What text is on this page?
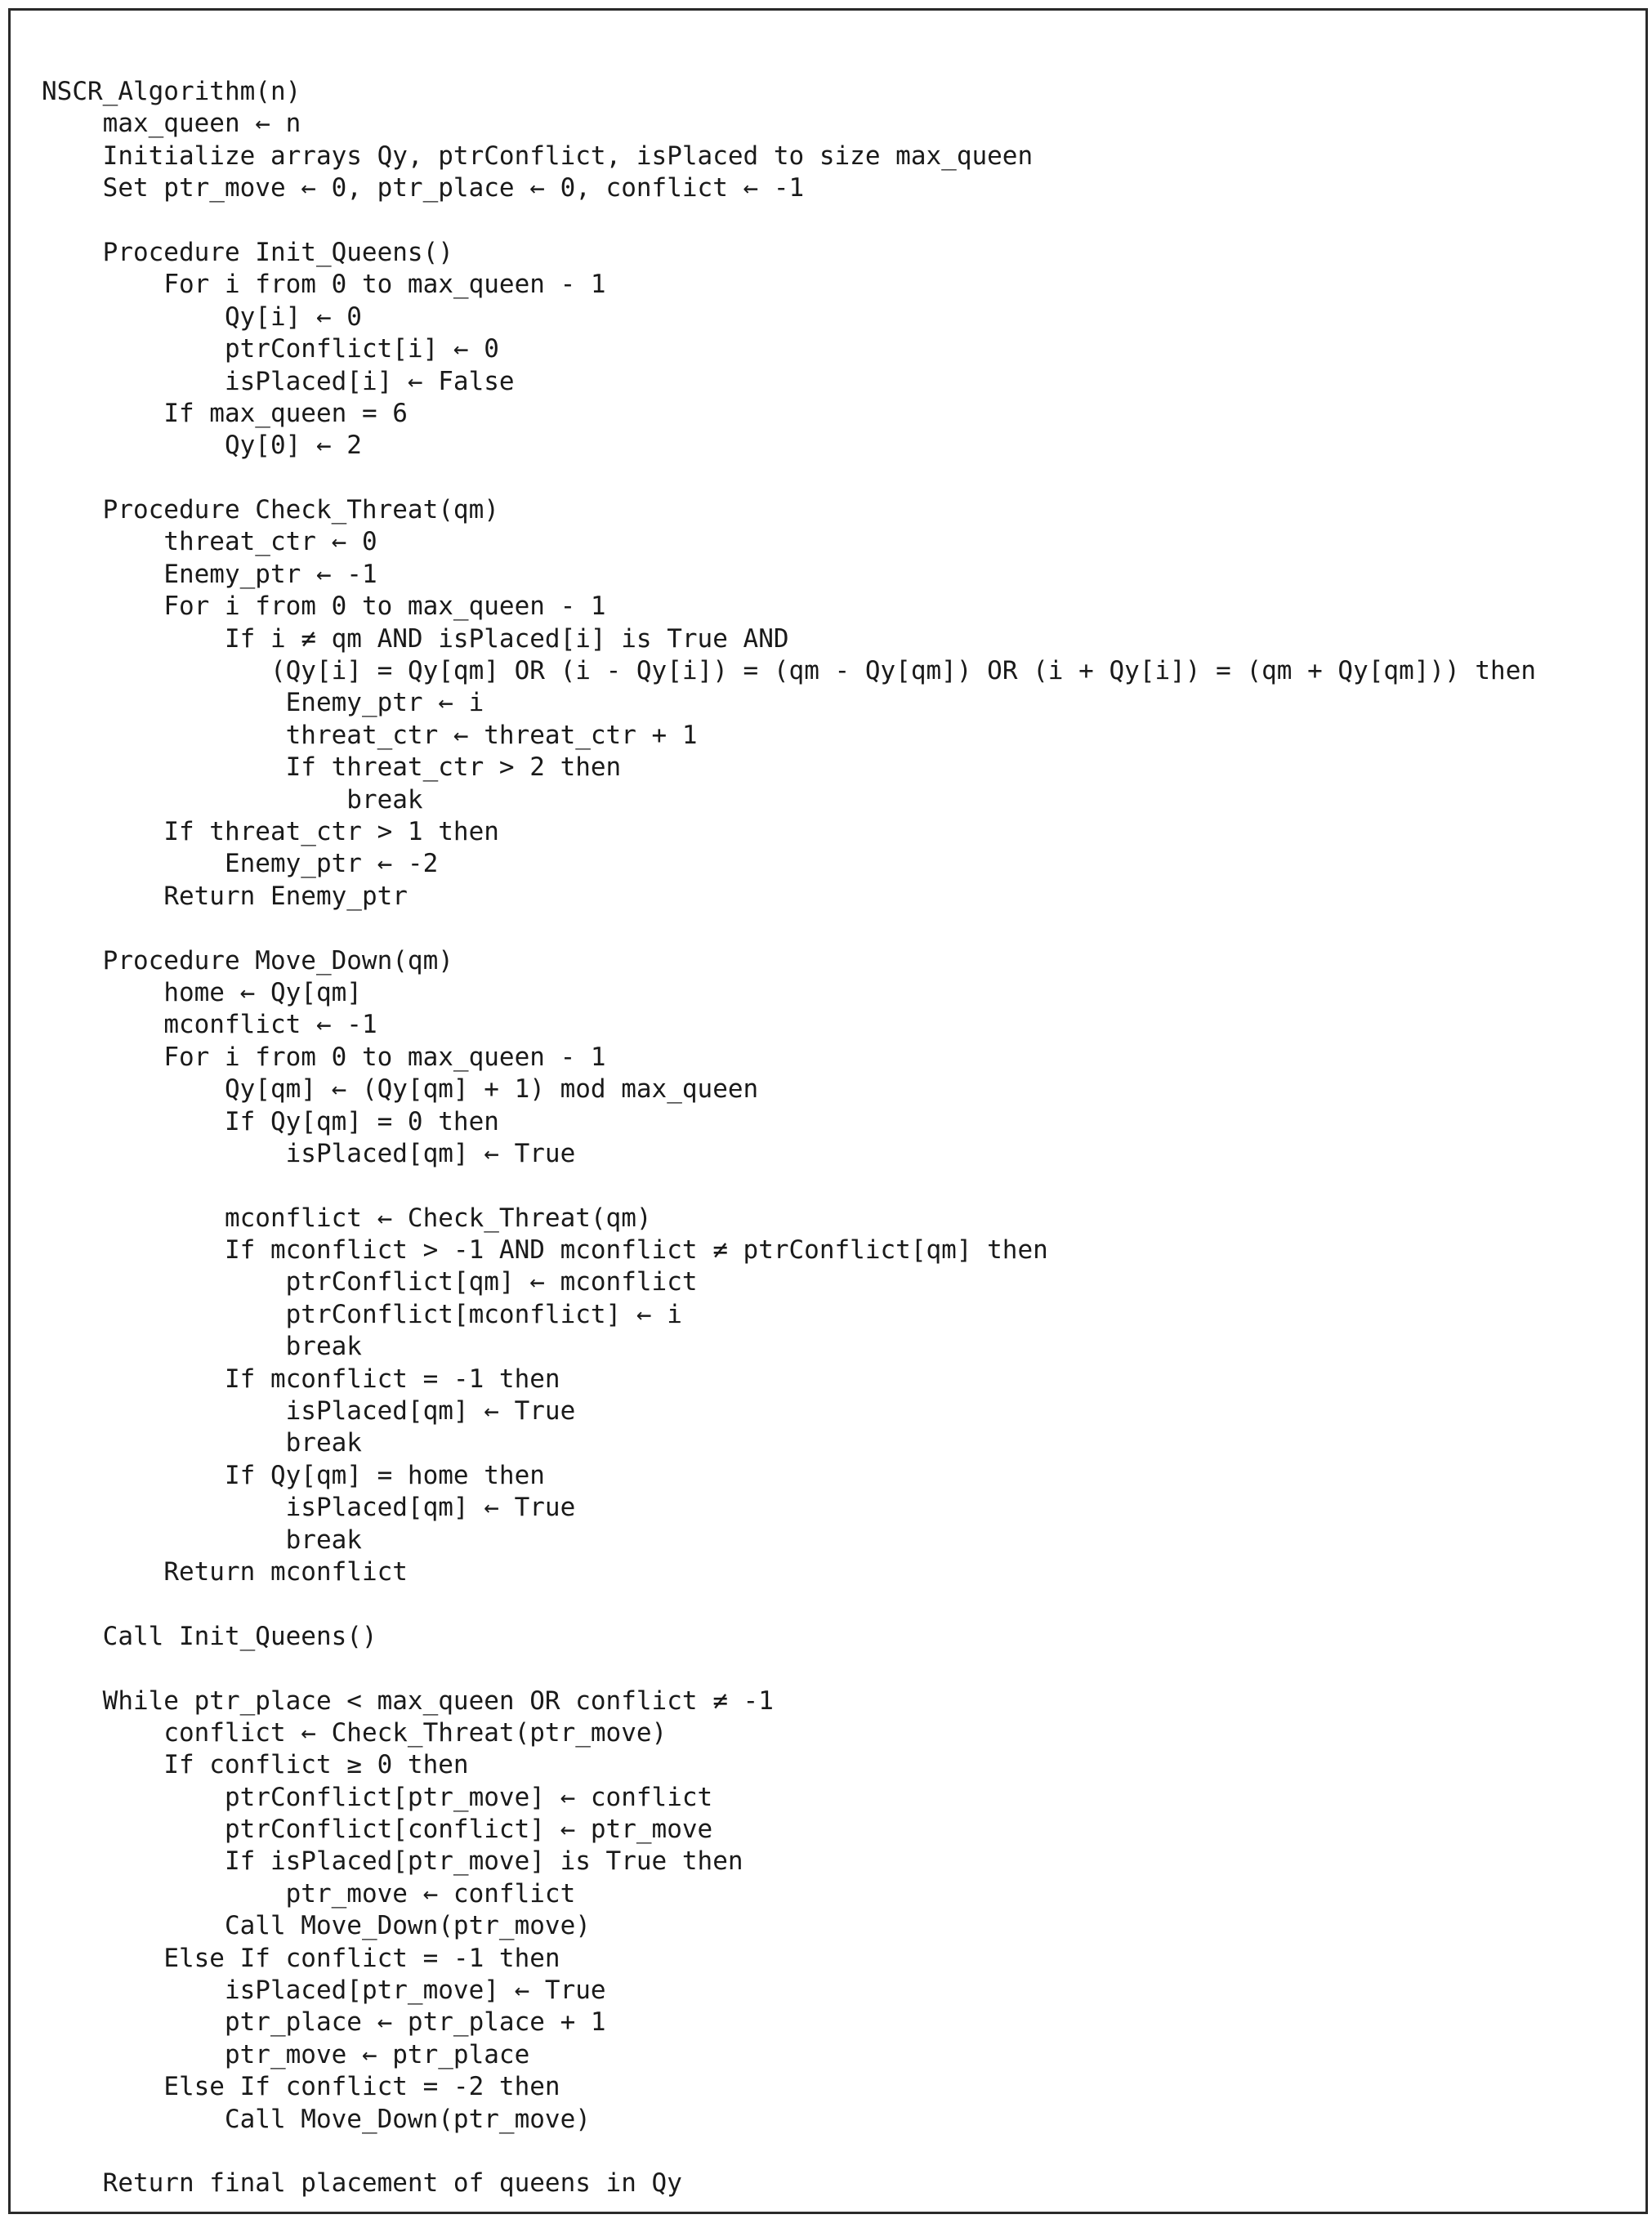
NSCR_Algorithm(n)
max_queen ← n
Initialize arrays Qy, ptrConflict, isPlaced to size max_queen
Set ptr_move ← 0, ptr_place ← 0, conflict ← -1
Procedure Init_Queens()
For i from 0 to max_queen - 1
Qy[i] ← 0
ptrConflict[i] ← 0
isPlaced[i] ← False
If max_queen = 6
Qy[0] ← 2
Procedure Check_Threat(qm)
threat_ctr ← 0
Enemy_ptr ← -1
For i from 0 to max_queen - 1
If i ≠ qm AND isPlaced[i] is True AND
(Qy[i] = Qy[qm] OR (i - Qy[i]) = (qm - Qy[qm]) OR (i + Qy[i]) = (qm + Qy[qm])) then
Enemy_ptr ← i
threat_ctr ← threat_ctr + 1
If threat_ctr > 2 then
break
If threat_ctr > 1 then
Enemy_ptr ← -2
Return Enemy_ptr
Procedure Move_Down(qm)
home ← Qy[qm]
mconflict ← -1
For i from 0 to max_queen - 1
Qy[qm] ← (Qy[qm] + 1) mod max_queen
If Qy[qm] = 0 then
isPlaced[qm] ← True
mconflict ← Check_Threat(qm)
If mconflict > -1 AND mconflict ≠ ptrConflict[qm] then
ptrConflict[qm] ← mconflict
ptrConflict[mconflict] ← i
break
If mconflict = -1 then
isPlaced[qm] ← True
break
If Qy[qm] = home then
isPlaced[qm] ← True
break
Return mconflict
Call Init_Queens()
While ptr_place < max_queen OR conflict ≠ -1
conflict ← Check_Threat(ptr_move)
If conflict ≥ 0 then
ptrConflict[ptr_move] ← conflict
ptrConflict[conflict] ← ptr_move
If isPlaced[ptr_move] is True then
ptr_move ← conflict
Call Move_Down(ptr_move)
Else If conflict = -1 then
isPlaced[ptr_move] ← True
ptr_place ← ptr_place + 1
ptr_move ← ptr_place
Else If conflict = -2 then
Call Move_Down(ptr_move)
Return final placement of queens in Qy
